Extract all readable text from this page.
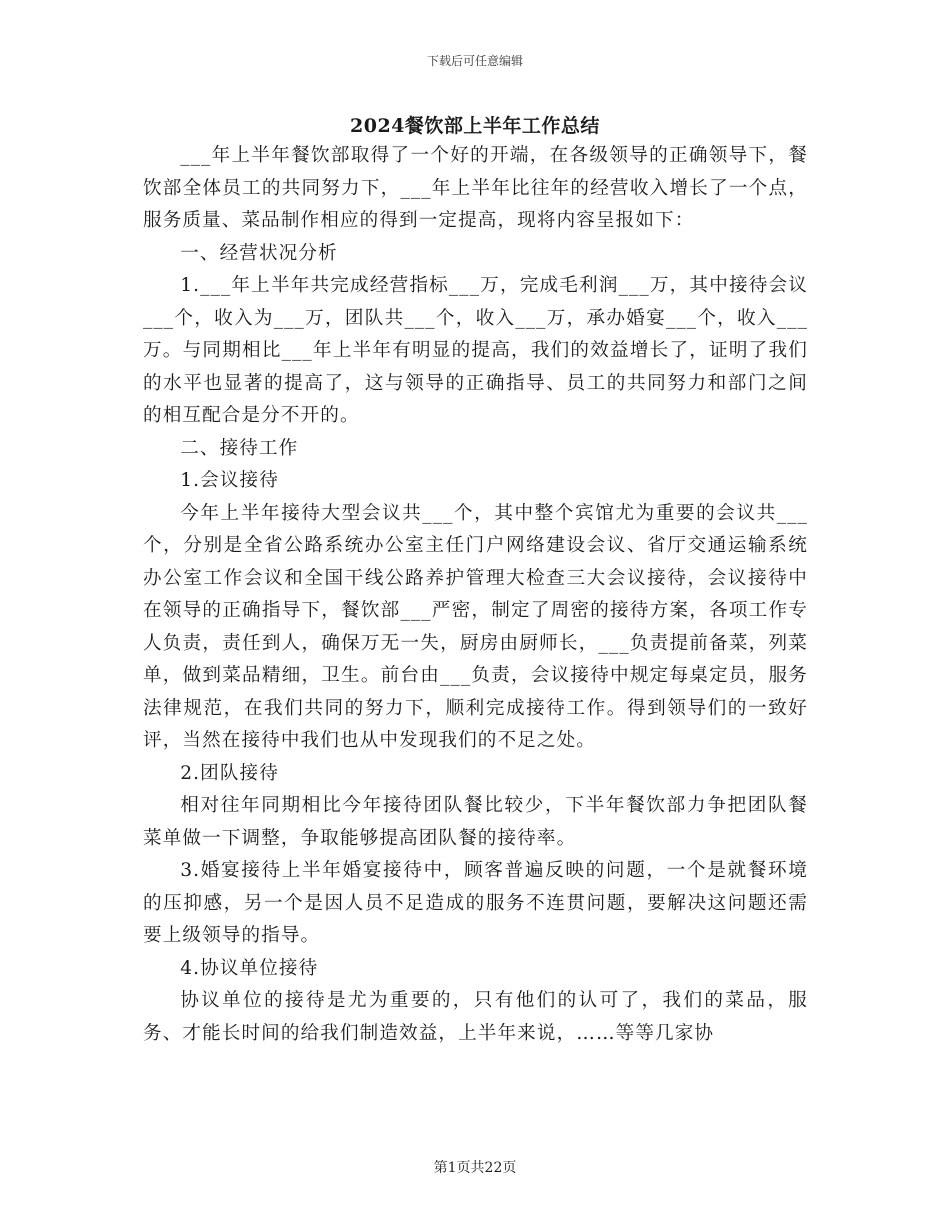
下载后可任意编辑
2024餐饮部上半年工作总结

___年上半年餐饮部取得了一个好的开端，在各级领导的正确领导下，餐饮部全体员工的共同努力下，___年上半年比往年的经营收入增长了一个点，服务质量、菜品制作相应的得到一定提高，现将内容呈报如下：

一、经营状况分析

1.___年上半年共完成经营指标___万，完成毛利润___万，其中接待会议___个，收入为___万，团队共___个，收入___万，承办婚宴___个，收入___万。与同期相比___年上半年有明显的提高，我们的效益增长了，证明了我们的水平也显著的提高了，这与领导的正确指导、员工的共同努力和部门之间的相互配合是分不开的。

二、接待工作

1.会议接待

今年上半年接待大型会议共___个，其中整个宾馆尤为重要的会议共___个，分别是全省公路系统办公室主任门户网络建设会议、省厅交通运输系统办公室工作会议和全国干线公路养护管理大检查三大会议接待，会议接待中在领导的正确指导下，餐饮部___严密，制定了周密的接待方案，各项工作专人负责，责任到人，确保万无一失，厨房由厨师长，___负责提前备菜，列菜单，做到菜品精细，卫生。前台由___负责，会议接待中规定每桌定员，服务法律规范，在我们共同的努力下，顺利完成接待工作。得到领导们的一致好评，当然在接待中我们也从中发现我们的不足之处。

2.团队接待

相对往年同期相比今年接待团队餐比较少，下半年餐饮部力争把团队餐菜单做一下调整，争取能够提高团队餐的接待率。

3.婚宴接待上半年婚宴接待中，顾客普遍反映的问题，一个是就餐环境的压抑感，另一个是因人员不足造成的服务不连贯问题，要解决这问题还需要上级领导的指导。

4.协议单位接待

协议单位的接待是尤为重要的，只有他们的认可了，我们的菜品，服务、才能长时间的给我们制造效益，上半年来说，……等等几家协

第1页共22页
